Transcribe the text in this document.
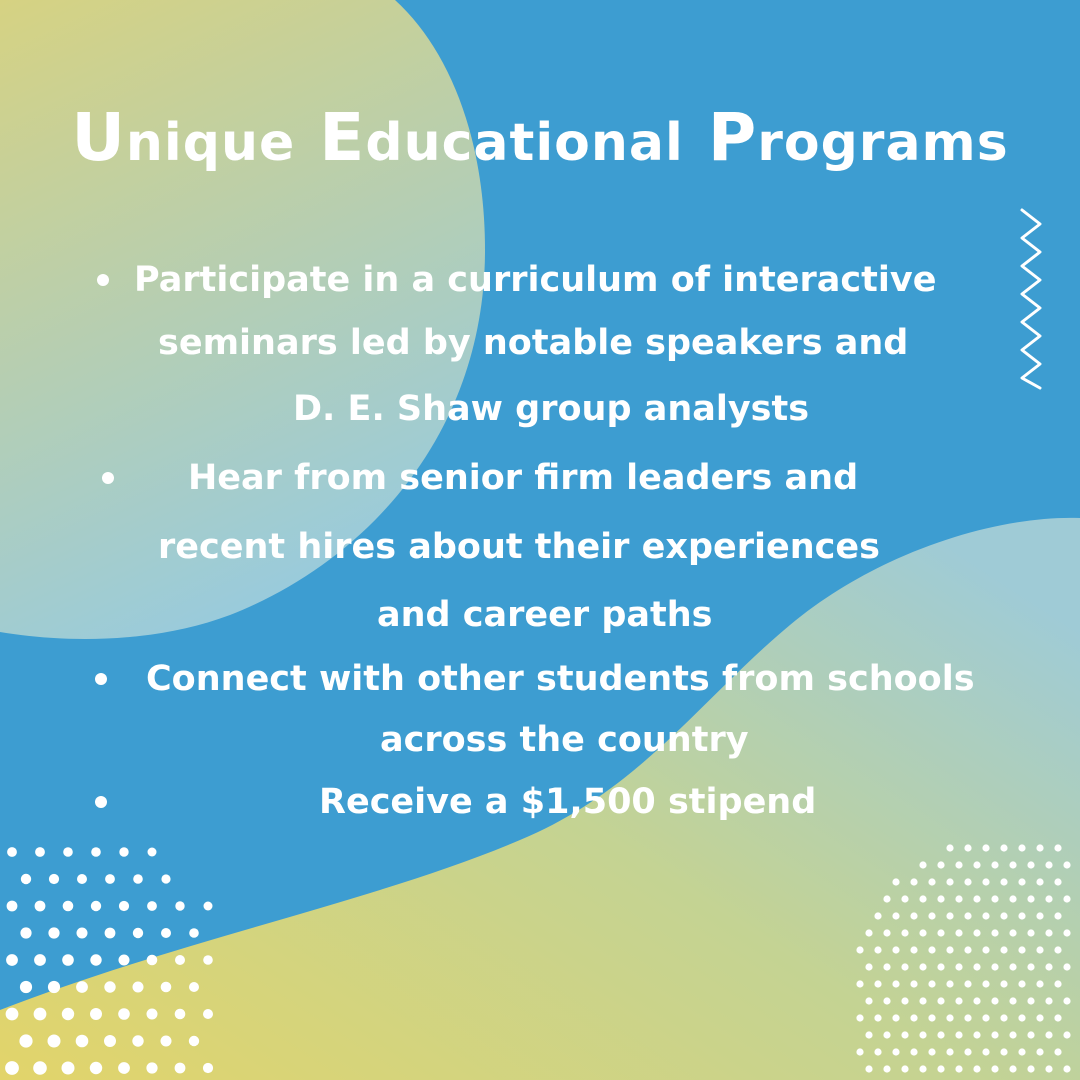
Unique Educational Programs
Participate in a curriculum of interactive
seminars led by notable speakers and
D. E. Shaw group analysts
Hear from senior firm leaders and
recent hires about their experiences
and career paths
Connect with other students from schools
across the country
Receive a $1,500 stipend
